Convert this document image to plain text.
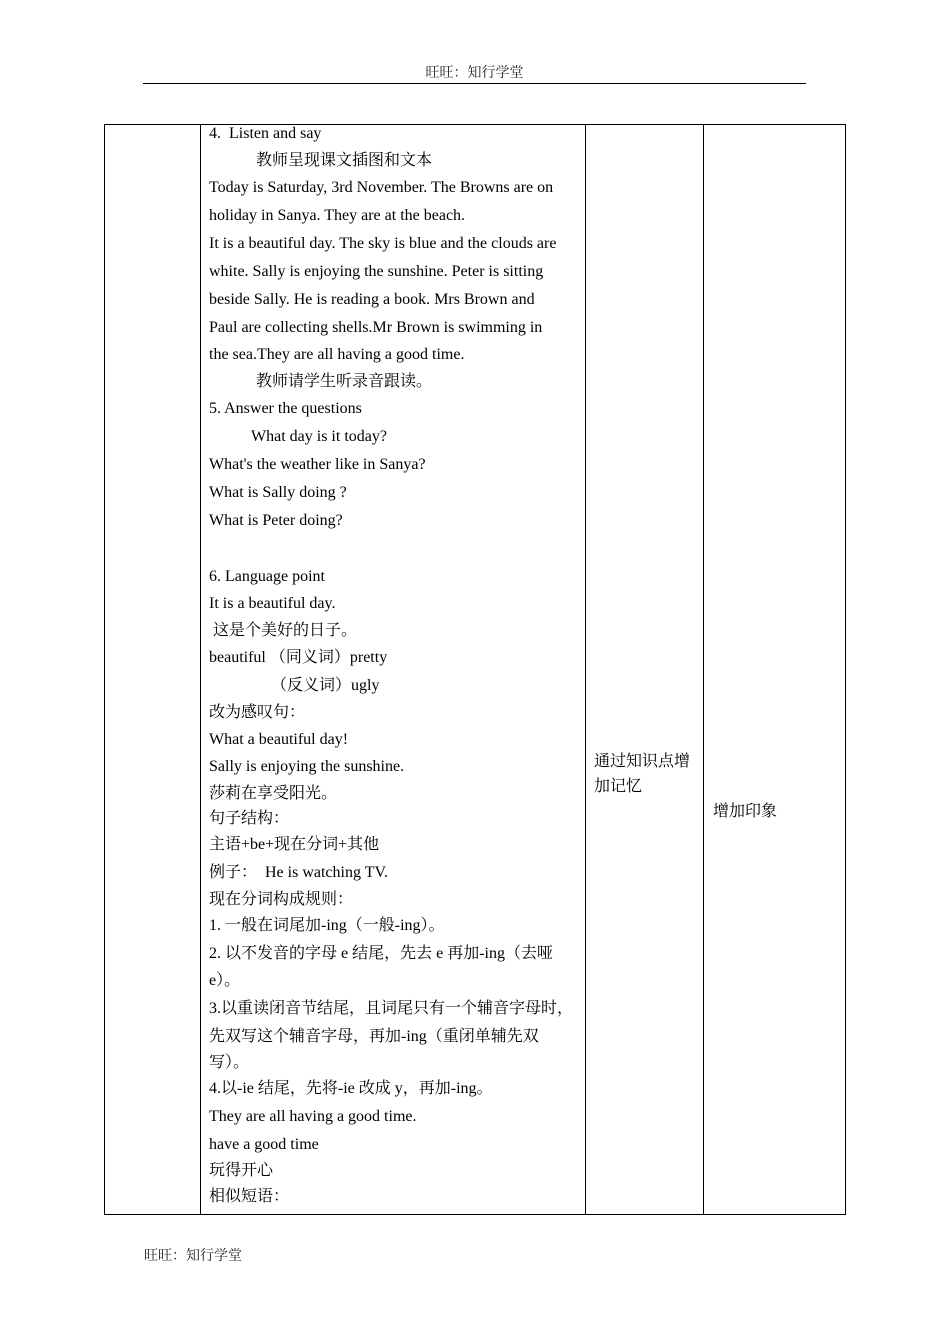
旺旺：知行学堂
4.  Listen and say
教师呈现课文插图和文本
Today is Saturday, 3rd November. The Browns are on
holiday in Sanya. They are at the beach.
It is a beautiful day. The sky is blue and the clouds are
white. Sally is enjoying the sunshine. Peter is sitting
beside Sally. He is reading a book. Mrs Brown and
Paul are collecting shells.Mr Brown is swimming in
the sea.They are all having a good time.
教师请学生听录音跟读。
5. Answer the questions
What day is it today?
What's the weather like in Sanya?
What is Sally doing ?
What is Peter doing?
6. Language point
It is a beautiful day.
这是个美好的日子。
beautiful （同义词）pretty
（反义词）ugly
改为感叹句：
What a beautiful day!
Sally is enjoying the sunshine.
莎莉在享受阳光。
句子结构：
主语+be+现在分词+其他
例子：  He is watching TV.
现在分词构成规则：
1. 一般在词尾加-ing（一般-ing）。
2. 以不发音的字母 e 结尾，先去 e 再加-ing（去哑
e）。
3.以重读闭音节结尾，且词尾只有一个辅音字母时，
先双写这个辅音字母，再加-ing（重闭单辅先双
写）。
4.以-ie 结尾，先将-ie 改成 y，再加-ing。
They are all having a good time.
have a good time
玩得开心
相似短语：
通过知识点增
加记忆
增加印象
旺旺：知行学堂
